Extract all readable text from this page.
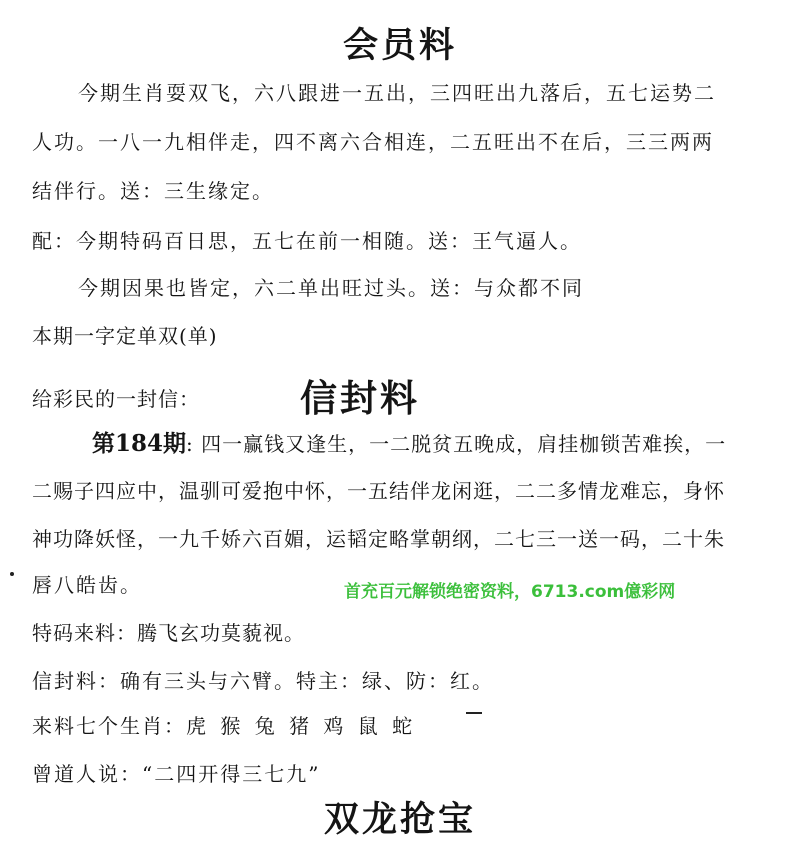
会员料
今期生肖耍双飞，六八跟进一五出，三四旺出九落后，五七运势二
人功。一八一九相伴走，四不离六合相连，二五旺出不在后，三三两两
结伴行。送：三生缘定。
配：今期特码百日思，五七在前一相随。送：王气逼人。
今期因果也皆定，六二单出旺过头。送：与众都不同
本期一字定单双(单)
给彩民的一封信：	信封料
第184期: 四一赢钱又逢生，一二脱贫五晚成，肩挂枷锁苦难挨，一
二赐子四应中，温驯可爱抱中怀，一五结伴龙闲逛，二二多情龙难忘，身怀
神功降妖怪，一九千娇六百媚，运韬定略掌朝纲，二七三一送一码，二十朱
唇八皓齿。	首充百元解锁绝密资料，6713.com億彩网
特码来料：腾飞玄功莫藐视。
信封料：确有三头与六臂。特主：绿、防：红。
来料七个生肖：虎 猴 兔 猪 鸡 鼠 蛇
曾道人说：“二四开得三七九”
双龙抢宝
